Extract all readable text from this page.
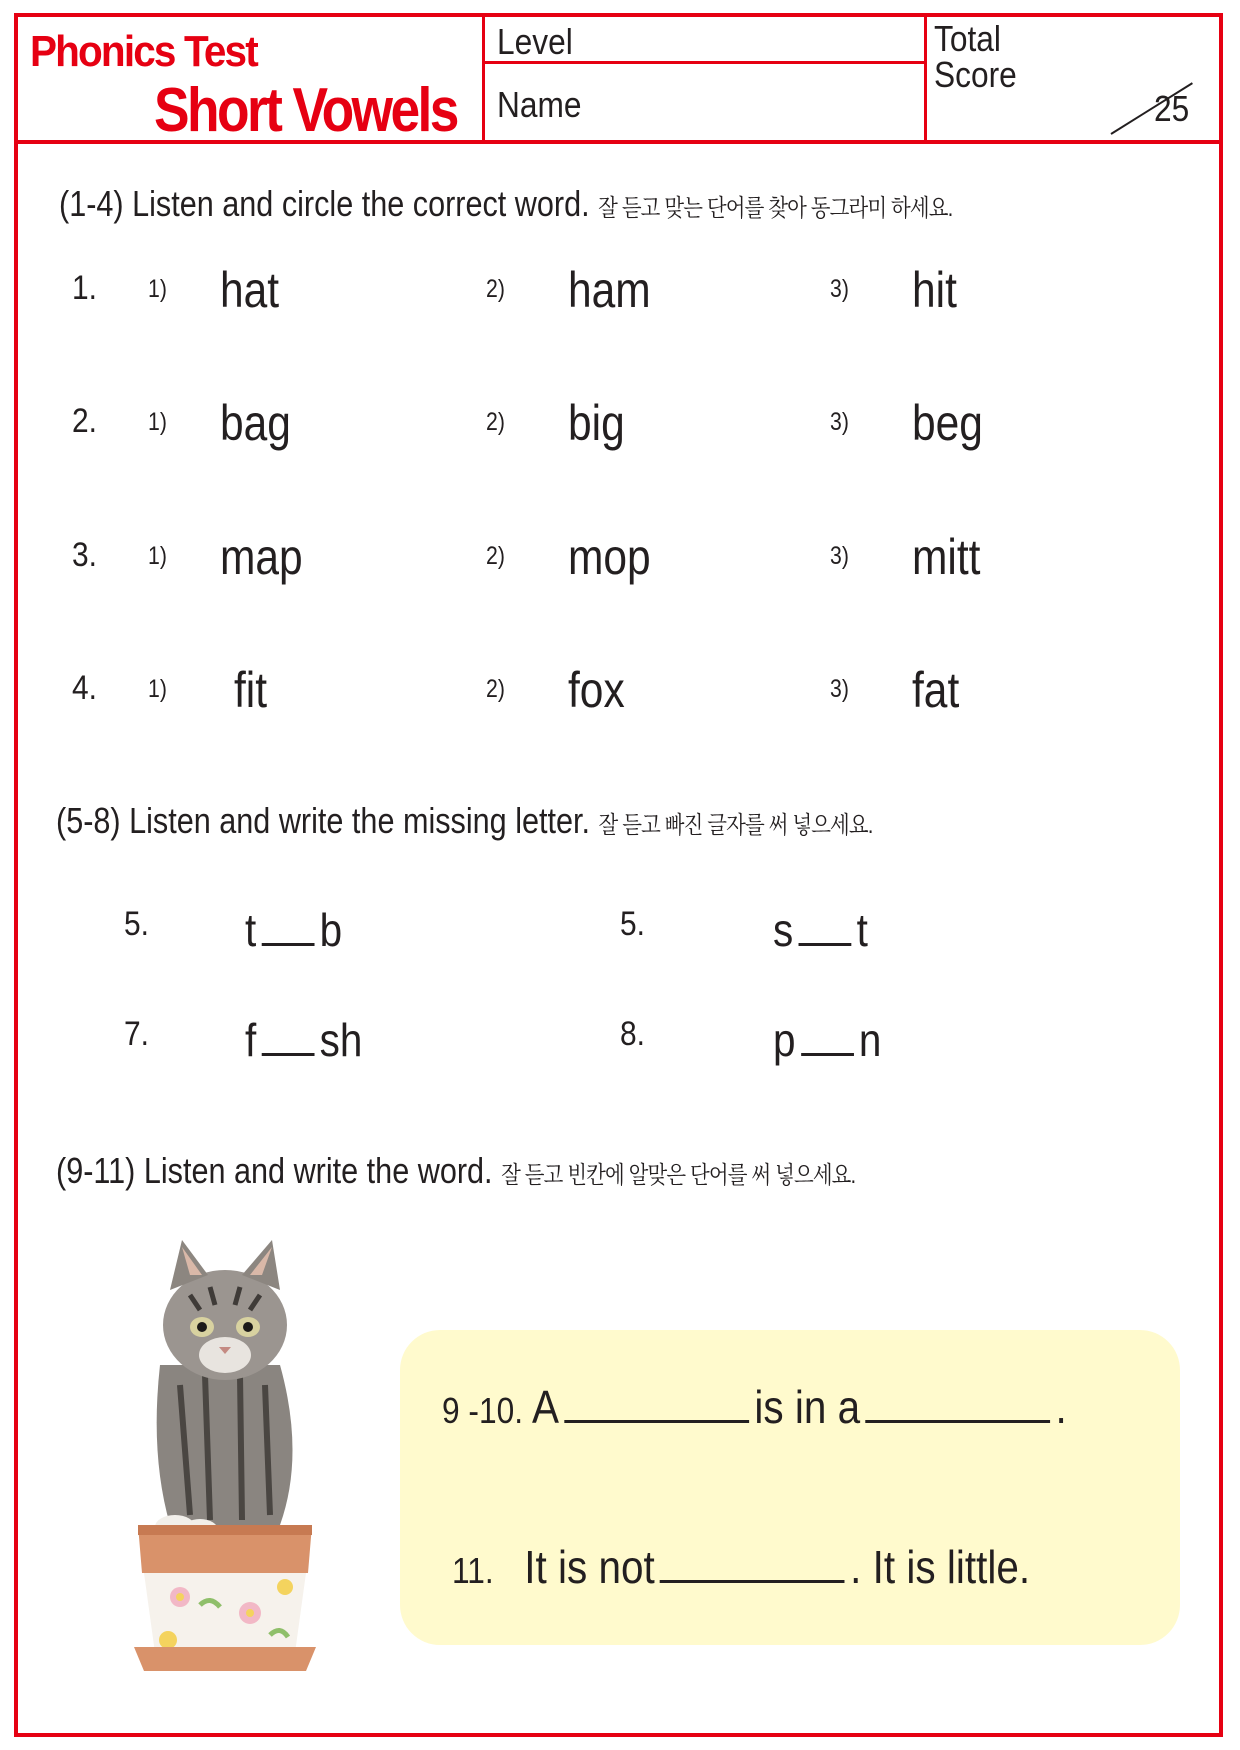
Phonics Test
Short Vowels
Level
Name
Total
Score
25
(1-4) Listen and circle the correct word. 잘 듣고 맞는 단어를 찾아 동그라미 하세요.
1. 1) hat	2) ham	3) hit
2. 1) bag	2) big	3) beg
3. 1) map	2) mop	3) mitt
4. 1) fit	2) fox	3) fat
(5-8) Listen and write the missing letter. 잘 듣고 빠진 글자를 써 넣으세요.
5. t b	5.	s t
7. f sh	8.	p n
(9-11) Listen and write the word. 잘 듣고 빈칸에 알맞은 단어를 써 넣으세요.
9 -10. A	is in a	.
11. It is not	. It is little.
